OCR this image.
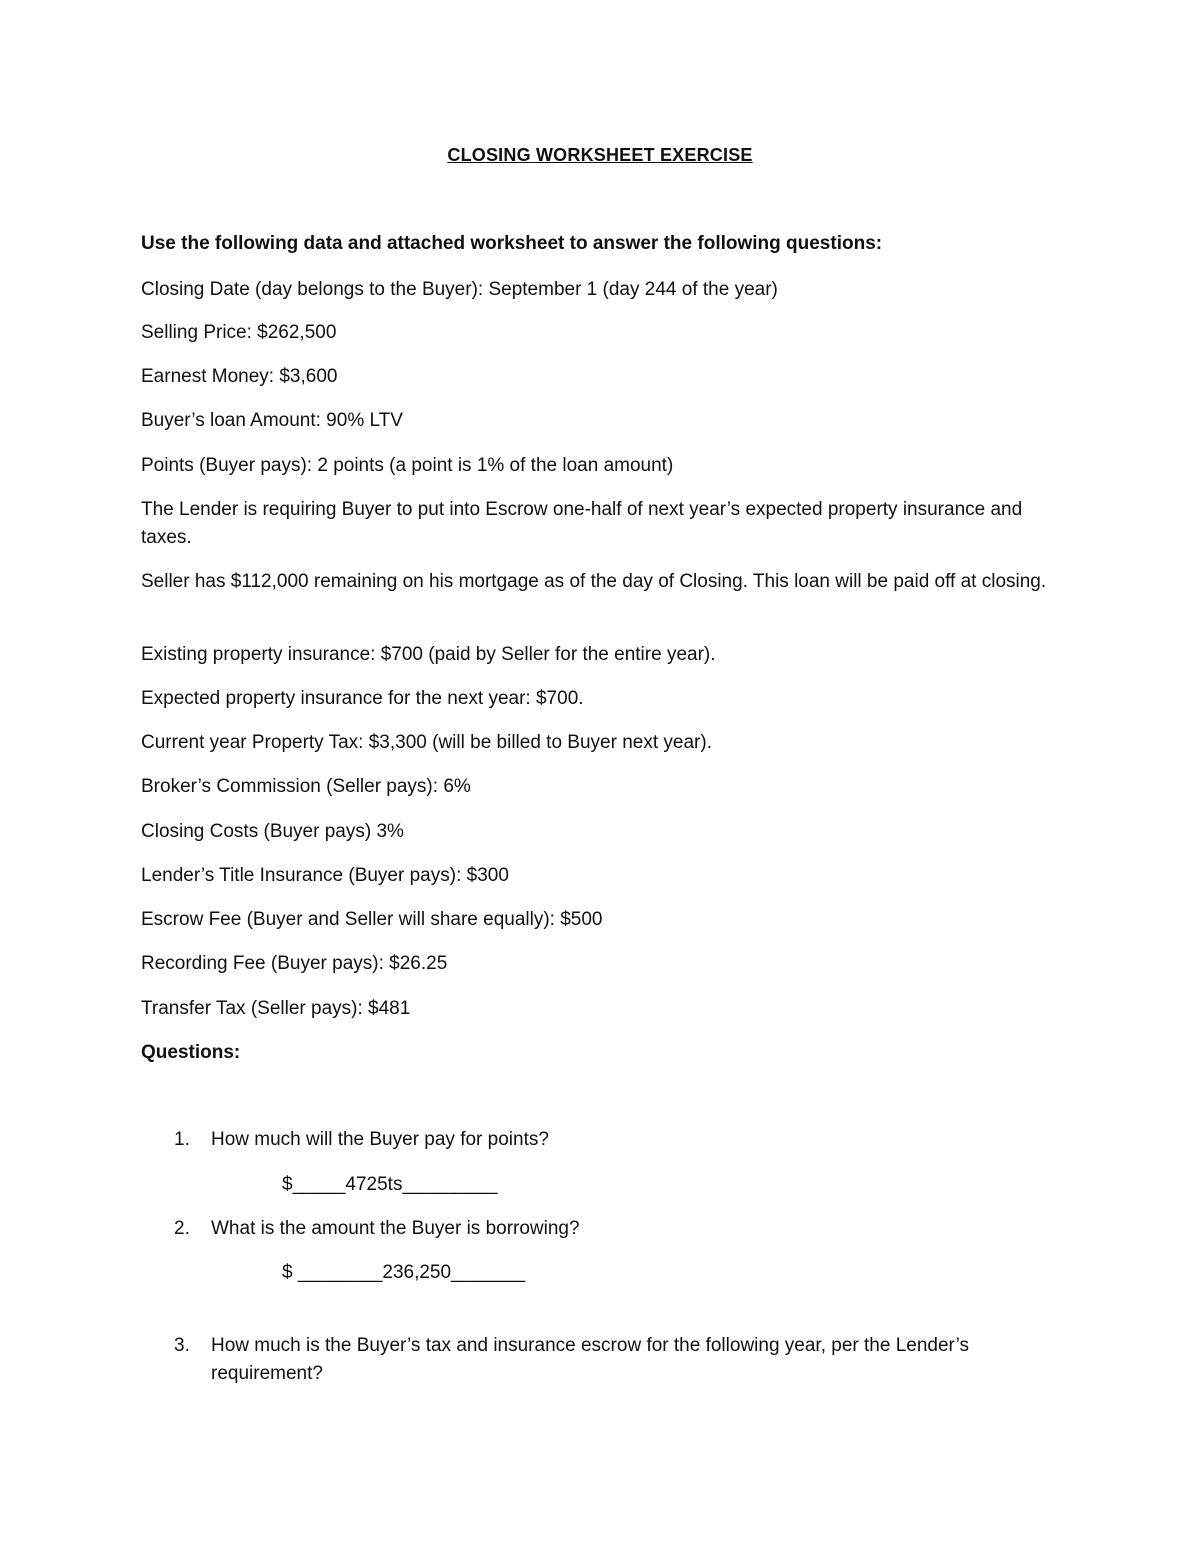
CLOSING WORKSHEET EXERCISE
Use the following data and attached worksheet to answer the following questions:
Closing Date (day belongs to the Buyer): September 1 (day 244 of the year)
Selling Price: $262,500
Earnest Money: $3,600
Buyer’s loan Amount: 90% LTV
Points (Buyer pays): 2 points (a point is 1% of the loan amount)
The Lender is requiring Buyer to put into Escrow one-half of next year’s expected property insurance and taxes.
Seller has $112,000 remaining on his mortgage as of the day of Closing. This loan will be paid off at closing.
Existing property insurance: $700 (paid by Seller for the entire year).
Expected property insurance for the next year: $700.
Current year Property Tax: $3,300 (will be billed to Buyer next year).
Broker’s Commission (Seller pays): 6%
Closing Costs (Buyer pays) 3%
Lender’s Title Insurance (Buyer pays): $300
Escrow Fee (Buyer and Seller will share equally): $500
Recording Fee (Buyer pays): $26.25
Transfer Tax (Seller pays): $481
Questions:
1. How much will the Buyer pay for points?
$_____4725ts_________
2. What is the amount the Buyer is borrowing?
$ ________236,250_______
3. How much is the Buyer’s tax and insurance escrow for the following year, per the Lender’s requirement?
